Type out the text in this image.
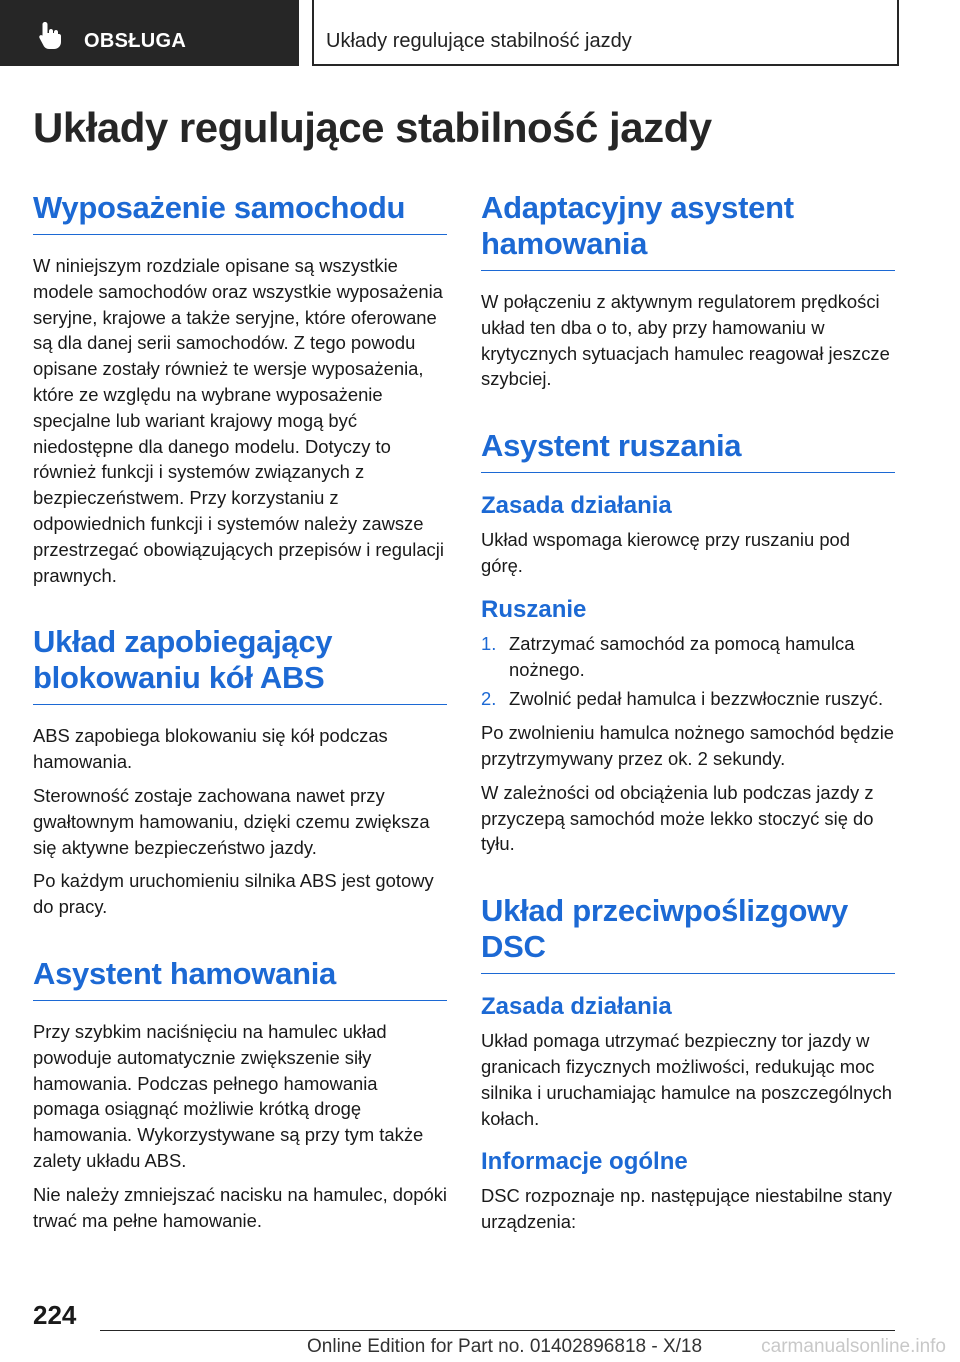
OBSŁUGA	Układy regulujące stabilność jazdy
Układy regulujące stabilność jazdy
Wyposażenie samochodu

W niniejszym rozdziale opisane są wszystkie modele samochodów oraz wszystkie wyposażenia seryjne, krajowe a także seryjne, które oferowane są dla danej serii samochodów. Z tego powodu opisane zostały również te wersje wyposażenia, które ze względu na wybrane wyposażenie specjalne lub wariant krajowy mogą być niedostępne dla danego modelu. Dotyczy to również funkcji i systemów związanych z bezpieczeństwem. Przy korzystaniu z odpowiednich funkcji i systemów należy zawsze przestrzegać obowiązujących przepisów i regulacji prawnych.

Układ zapobiegający blokowaniu kół ABS

ABS zapobiega blokowaniu się kół podczas hamowania.

Sterowność zostaje zachowana nawet przy gwałtownym hamowaniu, dzięki czemu zwiększa się aktywne bezpieczeństwo jazdy.

Po każdym uruchomieniu silnika ABS jest gotowy do pracy.

Asystent hamowania

Przy szybkim naciśnięciu na hamulec układ powoduje automatycznie zwiększenie siły hamowania. Podczas pełnego hamowania pomaga osiągnąć możliwie krótką drogę hamowania. Wykorzystywane są przy tym także zalety układu ABS.

Nie należy zmniejszać nacisku na hamulec, dopóki trwać ma pełne hamowanie.

Adaptacyjny asystent hamowania

W połączeniu z aktywnym regulatorem prędkości układ ten dba o to, aby przy hamowaniu w krytycznych sytuacjach hamulec reagował jeszcze szybciej.

Asystent ruszania
Zasada działania

Układ wspomaga kierowcę przy ruszaniu pod górę.

Ruszanie
1. Zatrzymać samochód za pomocą hamulca nożnego.
2. Zwolnić pedał hamulca i bezzwłocznie ruszyć.

Po zwolnieniu hamulca nożnego samochód będzie przytrzymywany przez ok. 2 sekundy.

W zależności od obciążenia lub podczas jazdy z przyczepą samochód może lekko stoczyć się do tyłu.

Układ przeciwpoślizgowy DSC
Zasada działania

Układ pomaga utrzymać bezpieczny tor jazdy w granicach fizycznych możliwości, redukując moc silnika i uruchamiając hamulce na poszczególnych kołach.

Informacje ogólne

DSC rozpoznaje np. następujące niestabilne stany urządzenia:

224
Online Edition for Part no. 01402896818 - X/18	carmanualsonline.info
